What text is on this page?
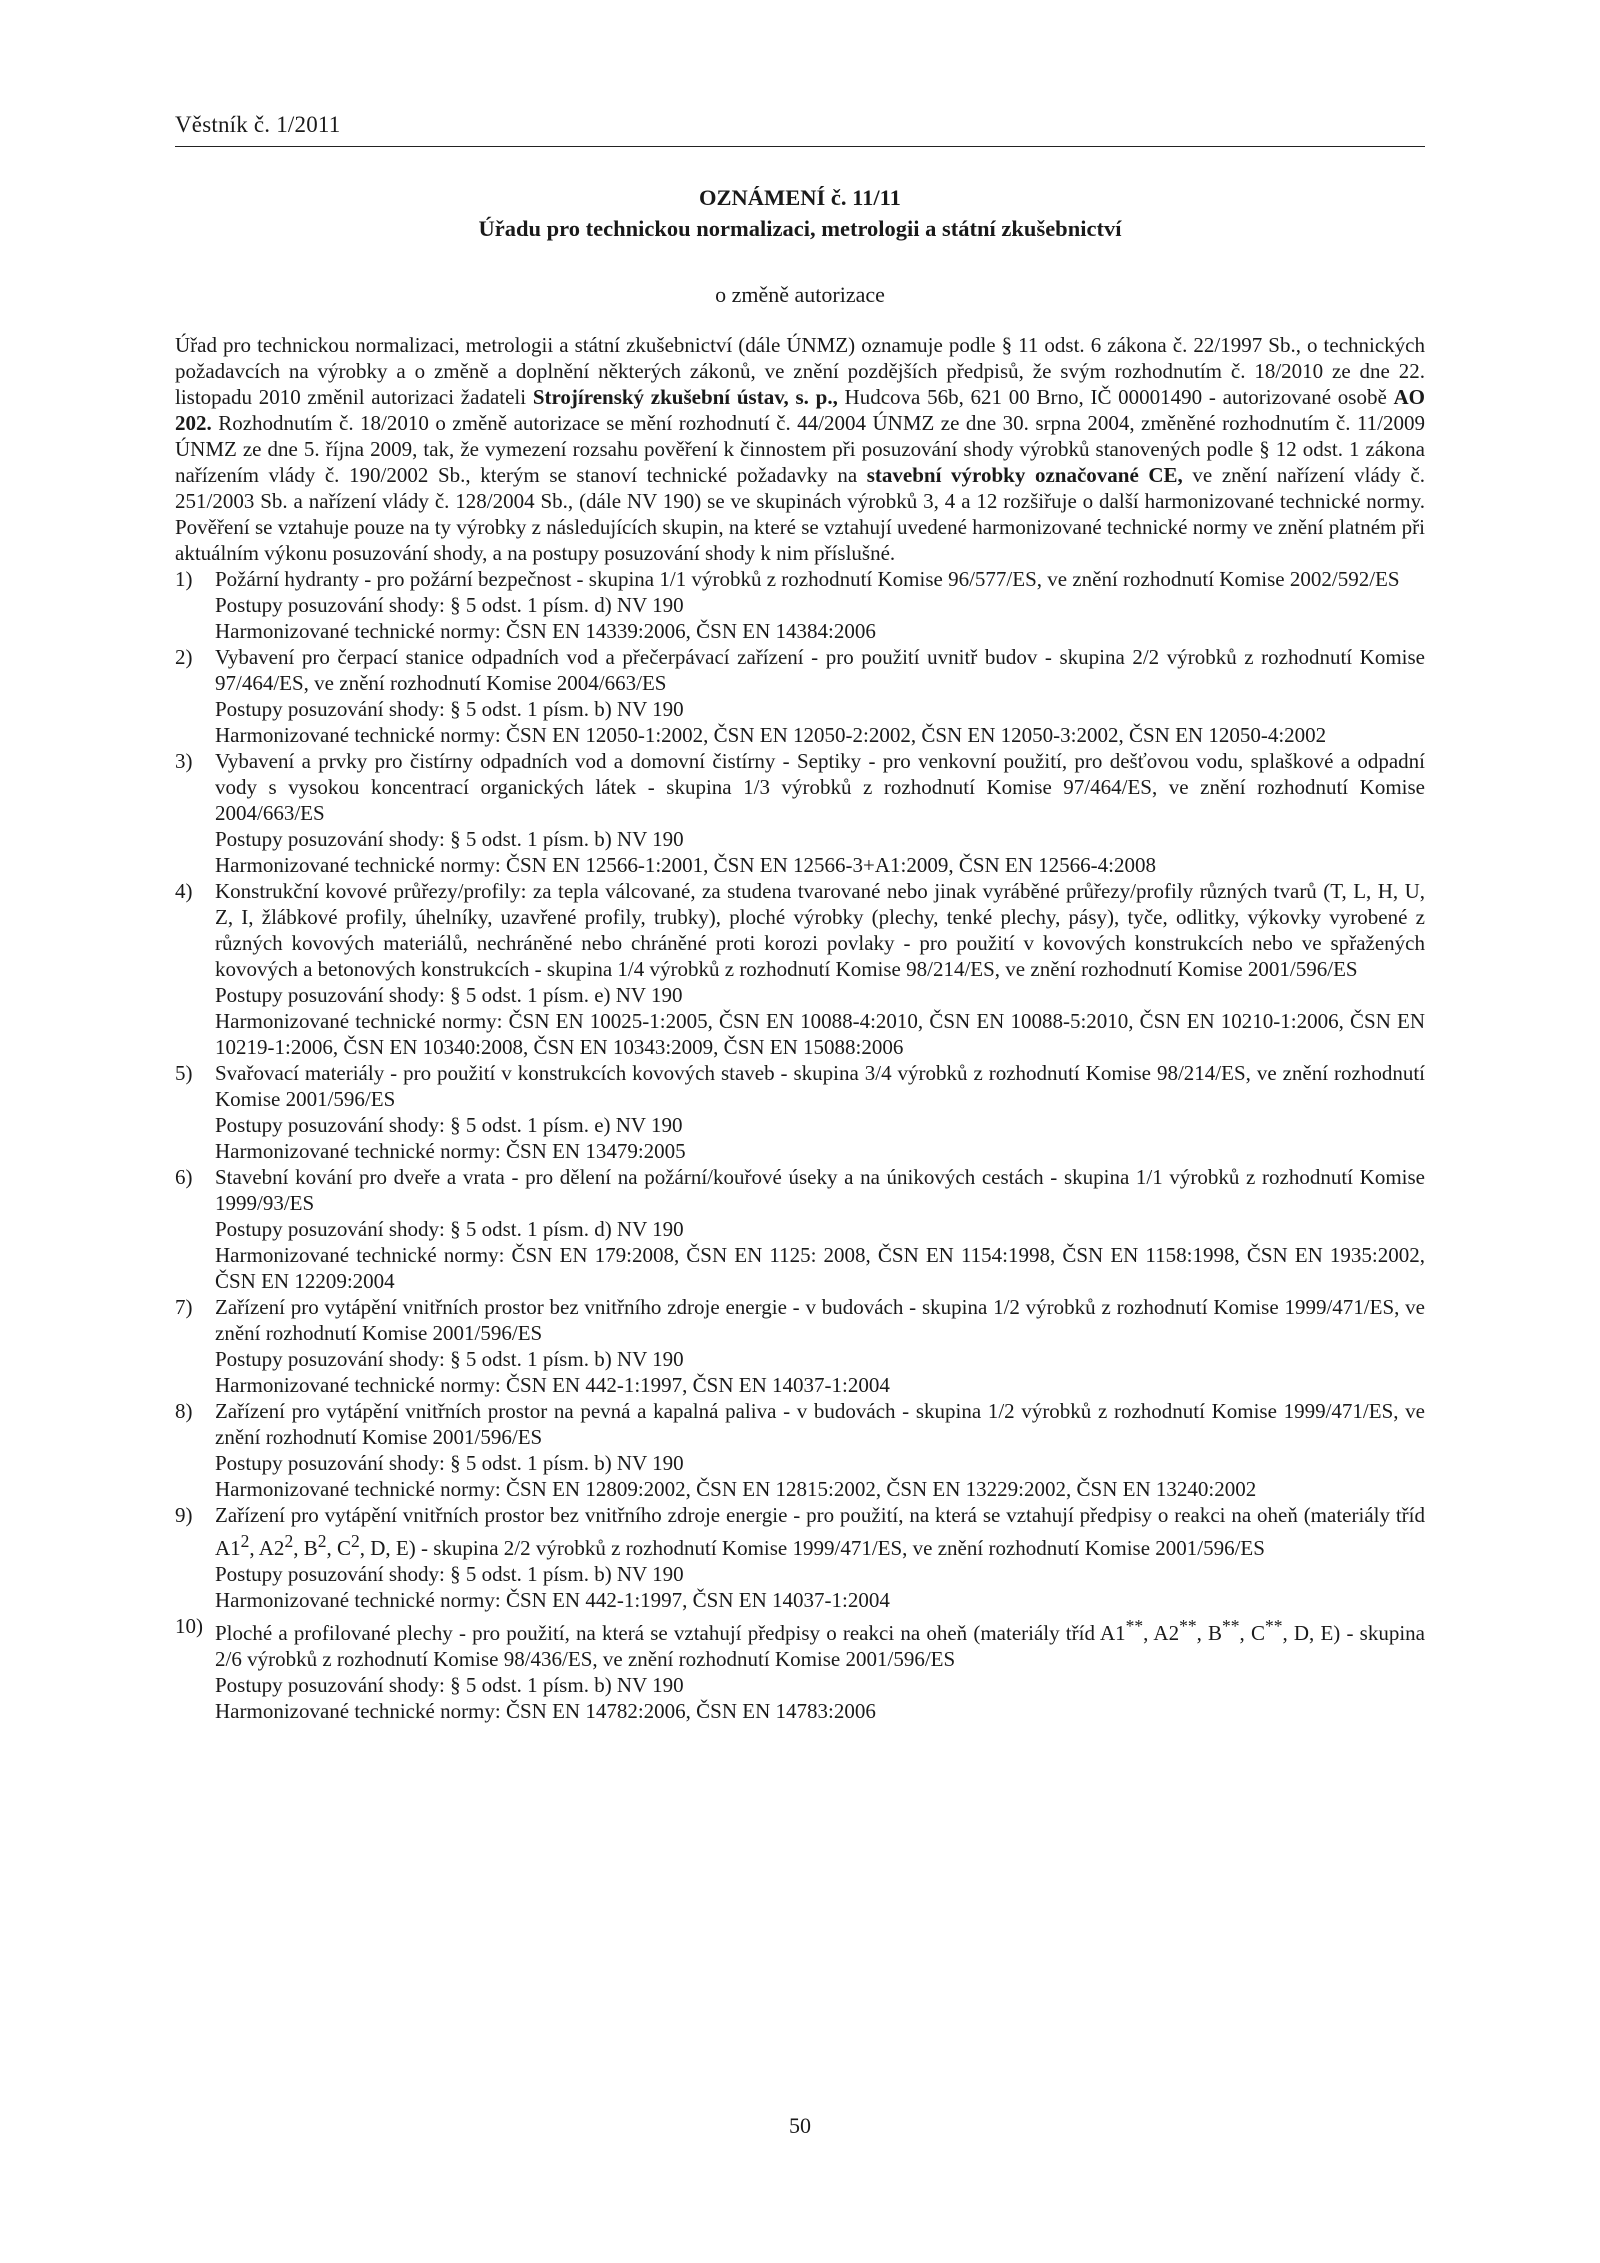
Věstník č. 1/2011
OZNÁMENÍ č. 11/11
Úřadu pro technickou normalizaci, metrologii a státní zkušebnictví
o změně autorizace

Úřad pro technickou normalizaci, metrologii a státní zkušebnictví (dále ÚNMZ) oznamuje podle § 11 odst. 6 zákona č. 22/1997 Sb., o technických požadavcích na výrobky a o změně a doplnění některých zákonů, ve znění pozdějších předpisů, že svým rozhodnutím č. 18/2010 ze dne 22. listopadu 2010 změnil autorizaci žadateli Strojírenský zkušební ústav, s. p., Hudcova 56b, 621 00 Brno, IČ 00001490 - autorizované osobě AO 202. Rozhodnutím č. 18/2010 o změně autorizace se mění rozhodnutí č. 44/2004 ÚNMZ ze dne 30. srpna 2004, změněné rozhodnutím č. 11/2009 ÚNMZ ze dne 5. října 2009, tak, že vymezení rozsahu pověření k činnostem při posuzování shody výrobků stanovených podle § 12 odst. 1 zákona nařízením vlády č. 190/2002 Sb., kterým se stanoví technické požadavky na stavební výrobky označované CE, ve znění nařízení vlády č. 251/2003 Sb. a nařízení vlády č. 128/2004 Sb., (dále NV 190) se ve skupinách výrobků 3, 4 a 12 rozšiřuje o další harmonizované technické normy. Pověření se vztahuje pouze na ty výrobky z následujících skupin, na které se vztahují uvedené harmonizované technické normy ve znění platném při aktuálním výkonu posuzování shody, a na postupy posuzování shody k nim příslušné.

1) Požární hydranty - pro požární bezpečnost - skupina 1/1 výrobků z rozhodnutí Komise 96/577/ES, ve znění rozhodnutí Komise 2002/592/ES
Postupy posuzování shody: § 5 odst. 1 písm. d) NV 190
Harmonizované technické normy: ČSN EN 14339:2006, ČSN EN 14384:2006
2) Vybavení pro čerpací stanice odpadních vod a přečerpávací zařízení - pro použití uvnitř budov - skupina 2/2 výrobků z rozhodnutí Komise 97/464/ES, ve znění rozhodnutí Komise 2004/663/ES
Postupy posuzování shody: § 5 odst. 1 písm. b) NV 190
Harmonizované technické normy: ČSN EN 12050-1:2002, ČSN EN 12050-2:2002, ČSN EN 12050-3:2002, ČSN EN 12050-4:2002
3) Vybavení a prvky pro čistírny odpadních vod a domovní čistírny - Septiky - pro venkovní použití, pro dešťovou vodu, splaškové a odpadní vody s vysokou koncentrací organických látek - skupina 1/3 výrobků z rozhodnutí Komise 97/464/ES, ve znění rozhodnutí Komise 2004/663/ES
Postupy posuzování shody: § 5 odst. 1 písm. b) NV 190
Harmonizované technické normy: ČSN EN 12566-1:2001, ČSN EN 12566-3+A1:2009, ČSN EN 12566-4:2008
4) Konstrukční kovové průřezy/profily: za tepla válcované, za studena tvarované nebo jinak vyráběné průřezy/profily různých tvarů (T, L, H, U, Z, I, žlábkové profily, úhelníky, uzavřené profily, trubky), ploché výrobky (plechy, tenké plechy, pásy), tyče, odlitky, výkovky vyrobené z různých kovových materiálů, nechráněné nebo chráněné proti korozi povlaky - pro použití v kovových konstrukcích nebo ve spřažených kovových a betonových konstrukcích - skupina 1/4 výrobků z rozhodnutí Komise 98/214/ES, ve znění rozhodnutí Komise 2001/596/ES
Postupy posuzování shody: § 5 odst. 1 písm. e) NV 190
Harmonizované technické normy: ČSN EN 10025-1:2005, ČSN EN 10088-4:2010, ČSN EN 10088-5:2010, ČSN EN 10210-1:2006, ČSN EN 10219-1:2006, ČSN EN 10340:2008, ČSN EN 10343:2009, ČSN EN 15088:2006
5) Svařovací materiály - pro použití v konstrukcích kovových staveb - skupina 3/4 výrobků z rozhodnutí Komise 98/214/ES, ve znění rozhodnutí Komise 2001/596/ES
Postupy posuzování shody: § 5 odst. 1 písm. e) NV 190
Harmonizované technické normy: ČSN EN 13479:2005
6) Stavební kování pro dveře a vrata - pro dělení na požární/kouřové úseky a na únikových cestách - skupina 1/1 výrobků z rozhodnutí Komise 1999/93/ES
Postupy posuzování shody: § 5 odst. 1 písm. d) NV 190
Harmonizované technické normy: ČSN EN 179:2008, ČSN EN 1125: 2008, ČSN EN 1154:1998, ČSN EN 1158:1998, ČSN EN 1935:2002, ČSN EN 12209:2004
7) Zařízení pro vytápění vnitřních prostor bez vnitřního zdroje energie - v budovách - skupina 1/2 výrobků z rozhodnutí Komise 1999/471/ES, ve znění rozhodnutí Komise 2001/596/ES
Postupy posuzování shody: § 5 odst. 1 písm. b) NV 190
Harmonizované technické normy: ČSN EN 442-1:1997, ČSN EN 14037-1:2004
8) Zařízení pro vytápění vnitřních prostor na pevná a kapalná paliva - v budovách - skupina 1/2 výrobků z rozhodnutí Komise 1999/471/ES, ve znění rozhodnutí Komise 2001/596/ES
Postupy posuzování shody: § 5 odst. 1 písm. b) NV 190
Harmonizované technické normy: ČSN EN 12809:2002, ČSN EN 12815:2002, ČSN EN 13229:2002, ČSN EN 13240:2002
9) Zařízení pro vytápění vnitřních prostor bez vnitřního zdroje energie - pro použití, na která se vztahují předpisy o reakci na oheň (materiály tříd $A1^2$, $A2^2$, $B^2$, $C^2$, D, E) - skupina 2/2 výrobků z rozhodnutí Komise 1999/471/ES, ve znění rozhodnutí Komise 2001/596/ES
Postupy posuzování shody: § 5 odst. 1 písm. b) NV 190
Harmonizované technické normy: ČSN EN 442-1:1997, ČSN EN 14037-1:2004
10) Ploché a profilované plechy - pro použití, na která se vztahují předpisy o reakci na oheň (materiály tříd A1**, A2**, B**, C**, D, E) - skupina 2/6 výrobků z rozhodnutí Komise 98/436/ES, ve znění rozhodnutí Komise 2001/596/ES
Postupy posuzování shody: § 5 odst. 1 písm. b) NV 190
Harmonizované technické normy: ČSN EN 14782:2006, ČSN EN 14783:2006
50
